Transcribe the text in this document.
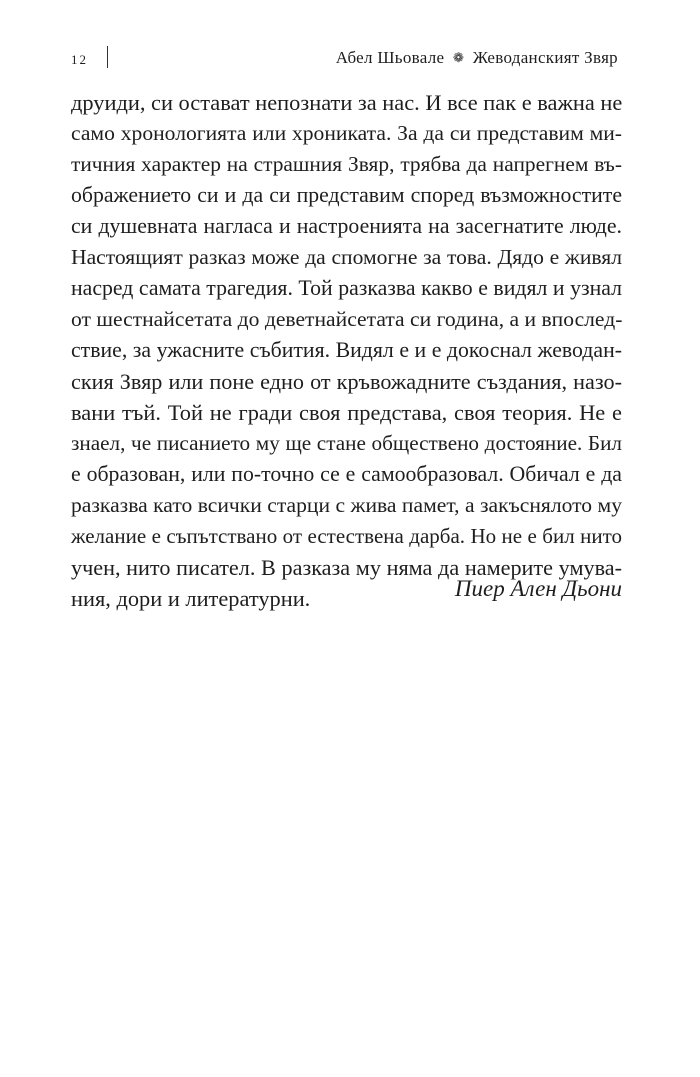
12	Абел Шьовале ❁ Жеводанският Звяр
друиди, си остават непознати за нас. И все пак е важна не
само хронологията или хрониката. За да си представим ми-
тичния характер на страшния Звяр, трябва да напрегнем въ-
ображението си и да си представим според възможностите
си душевната нагласа и настроенията на засегнатите люде.
Настоящият разказ може да спомогне за това. Дядо е живял
насред самата трагедия. Той разказва какво е видял и узнал
от шестнайсетата до деветнайсетата си година, а и впослед-
ствие, за ужасните събития. Видял е и е докоснал жеводан-
ския Звяр или поне едно от кръвожадните създания, назо-
вани тъй. Той не гради своя представа, своя теория. Не е
знаел, че писанието му ще стане обществено достояние. Бил
е образован, или по-точно се е самообразовал. Обичал е да
разказва като всички старци с жива памет, а закъснялото му
желание е съпътствано от естествена дарба. Но не е бил нито
учен, нито писател. В разказа му няма да намерите умува-
ния, дори и литературни.	Пиер Ален Дьони
